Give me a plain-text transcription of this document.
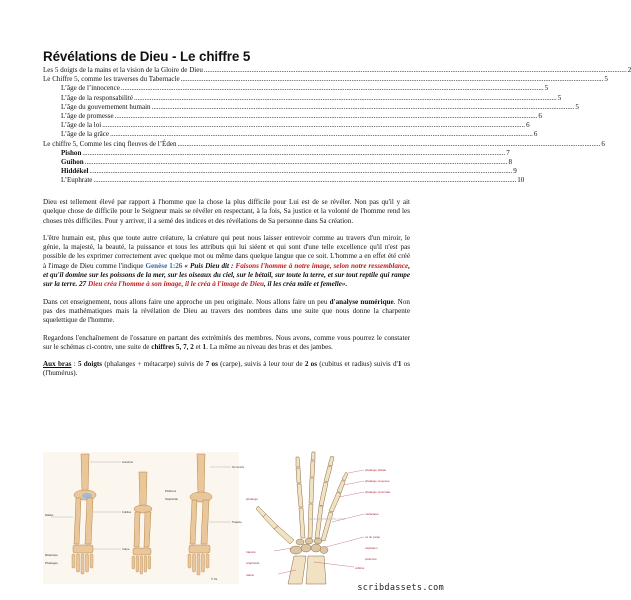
Révélations de Dieu - Le chiffre 5
Les 5 doigts de la mains et la vision de la Gloire de Dieu .....	2
Le Chiffre 5, comme les traverses du Tabernacle .....	5
L’âge de l’innocence .....	5
L’âge de la responsabilité .....	5
L’âge du gouvernement humain .....	5
L’âge de promesse .....	6
L’âge de la loi .....	6
L’âge de la grâce .....	6
Le chiffre 5, Comme les cinq fleuves de l’Éden .....	6
Pishon .....	7
Guihon .....	8
Hiddékel .....	9
L’Euphrate .....	10

Dieu est tellement élevé par rapport à l'homme que la chose la plus difficile pour Lui est de se révéler. Non pas qu'il y ait quelque chose de difficile pour le Seigneur mais se révéler en respectant, à la fois, Sa justice et la volonté de l'homme rend les choses très difficiles. Pour y arriver, il a semé des indices et des révélations de Sa personne dans Sa création.

L'être humain est, plus que toute autre créature, la créature qui peut nous laisser entrevoir comme au travers d'un miroir, le génie, la majesté, la beauté, la puissance et tous les attributs qui lui siéent et qui sont d'une telle excellence qu'il n'est pas possible de les exprimer correctement avec quelque mot ou même dans quelque langue que ce soit. L'homme a en effet été créé à l'image de Dieu comme l'indique Genèse 1:26 « Puis Dieu dit : Faisons l'homme à notre image, selon notre ressemblance, et qu'il domine sur les poissons de la mer, sur les oiseaux du ciel, sur le bétail, sur toute la terre, et sur tout reptile qui rampe sur la terre. 27 Dieu créa l'homme à son image, il le créa à l'image de Dieu, il les créa mâle et femelle».

Dans cet enseignement, nous allons faire une approche un peu originale. Nous allons faire un peu d'analyse numérique. Non pas des mathématiques mais la révélation de Dieu au travers des nombres dans une suite que nous donne la charpente squelettique de l'homme.

Regardons l'enchaînement de l'ossature en partant des extrémités des membres. Nous avons, comme vous pourrez le constater sur le schémas ci-contre, une suite de chiffres 5, 7, 2 et 1. La même au niveau des bras et des jambes.

Aux bras : 5 doigts (phalanges + métacarpe) suivis de 7 os (carpe), suivis à leur tour de 2 os (cubitus et radius) suivis d'1 os (l'humérus).

Humérus
Cubitus
Radius
Carpe
Métacarpe
Phalanges
Pisiforme
Scaphoïde
Os crochu
Trapèze
© Os
phalange distale
phalange moyenne
phalange proximale
métacarpe
phalange
os du carpe
trapèze
capitatum
scaphoïde
radius
cubitus
pisiforme
www.docteurclic.com
scribdassets.com
